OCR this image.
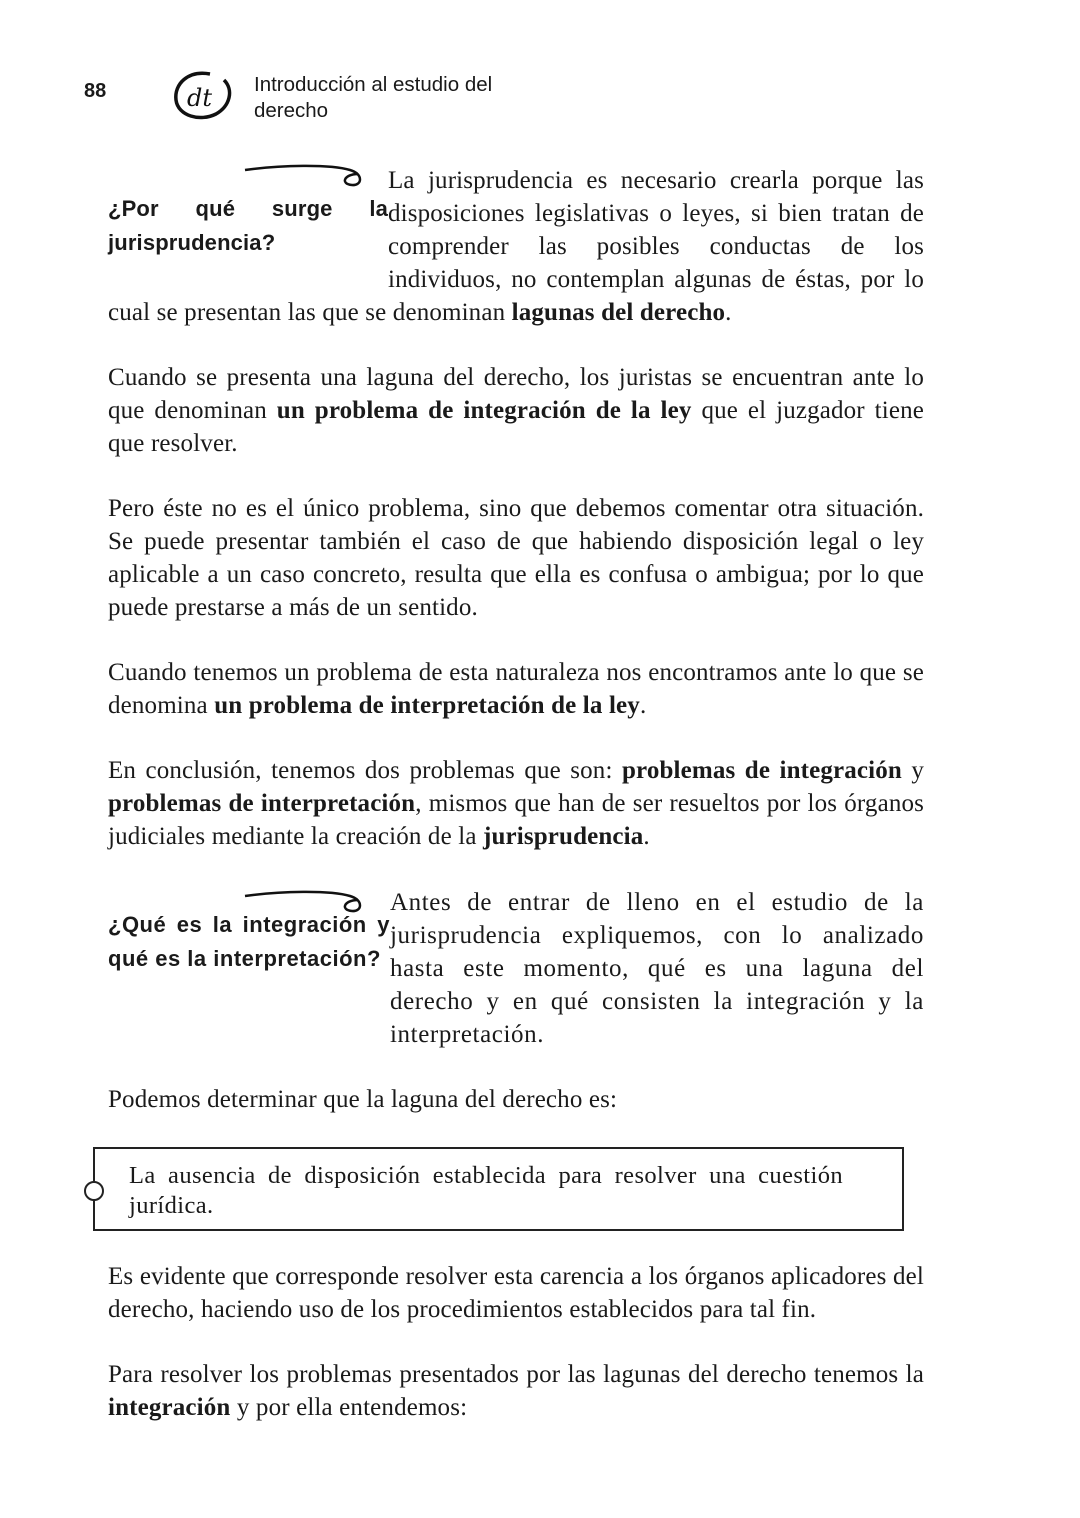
88	dt Introducción al estudio del derecho
¿Por qué surge la jurisprudencia?
La jurisprudencia es necesario crearla porque las disposiciones legislativas o leyes, si bien tratan de comprender las posibles conductas de los individuos, no contemplan algunas de éstas, por lo cual se presentan las que se denominan lagunas del derecho.
Cuando se presenta una laguna del derecho, los juristas se encuentran ante lo que denominan un problema de integración de la ley que el juzgador tiene que resolver.
Pero éste no es el único problema, sino que debemos comentar otra situación. Se puede presentar también el caso de que habiendo disposición legal o ley aplicable a un caso concreto, resulta que ella es confusa o ambigua; por lo que puede prestarse a más de un sentido.
Cuando tenemos un problema de esta naturaleza nos encontramos ante lo que se denomina un problema de interpretación de la ley.
En conclusión, tenemos dos problemas que son: problemas de integración y problemas de interpretación, mismos que han de ser resueltos por los órganos judiciales mediante la creación de la jurisprudencia.
¿Qué es la integración y qué es la interpretación?
Antes de entrar de lleno en el estudio de la jurisprudencia expliquemos, con lo analizado hasta este momento, qué es una laguna del derecho y en qué consisten la integración y la interpretación.
Podemos determinar que la laguna del derecho es:
La ausencia de disposición establecida para resolver una cuestión jurídica.
Es evidente que corresponde resolver esta carencia a los órganos aplicadores del derecho, haciendo uso de los procedimientos establecidos para tal fin.
Para resolver los problemas presentados por las lagunas del derecho tenemos la integración y por ella entendemos:
